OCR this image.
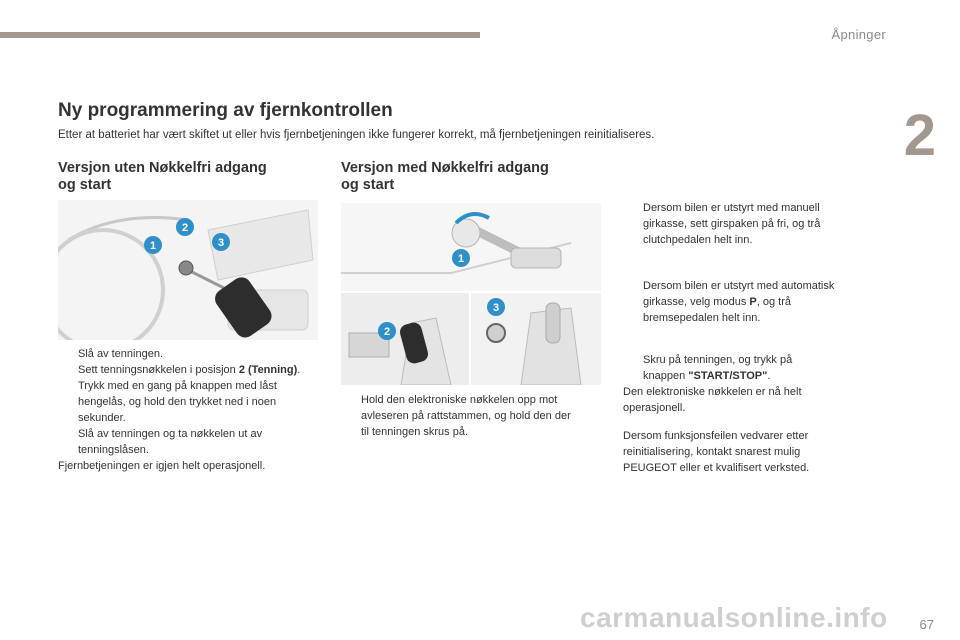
Åpninger
2
Ny programmering av fjernkontrollen
Etter at batteriet har vært skiftet ut eller hvis fjernbetjeningen ikke fungerer korrekt, må fjernbetjeningen reinitialiseres.
Versjon uten Nøkkelfri adgang
og start
1
2
3
Slå av tenningen.
Sett tenningsnøkkelen i posisjon 2 (Tenning).
Trykk med en gang på knappen med låst
hengelås, og hold den trykket ned i noen
sekunder.
Slå av tenningen og ta nøkkelen ut av
tenningslåsen.

Fjernbetjeningen er igjen helt operasjonell.

Versjon med Nøkkelfri adgang
og start
1
2
3
Hold den elektroniske nøkkelen opp mot
avleseren på rattstammen, og hold den der
til tenningen skrus på.
Dersom bilen er utstyrt med manuell
girkasse, sett girspaken på fri, og trå
clutchpedalen helt inn.
Dersom bilen er utstyrt med automatisk
girkasse, velg modus P, og trå
bremsepedalen helt inn.
Skru på tenningen, og trykk på
knappen "START/STOP".

Den elektroniske nøkkelen er nå helt

operasjonell.

Dersom funksjonsfeilen vedvarer etter

reinitialisering, kontakt snarest mulig

PEUGEOT eller et kvalifisert verksted.

carmanualsonline.info 67
